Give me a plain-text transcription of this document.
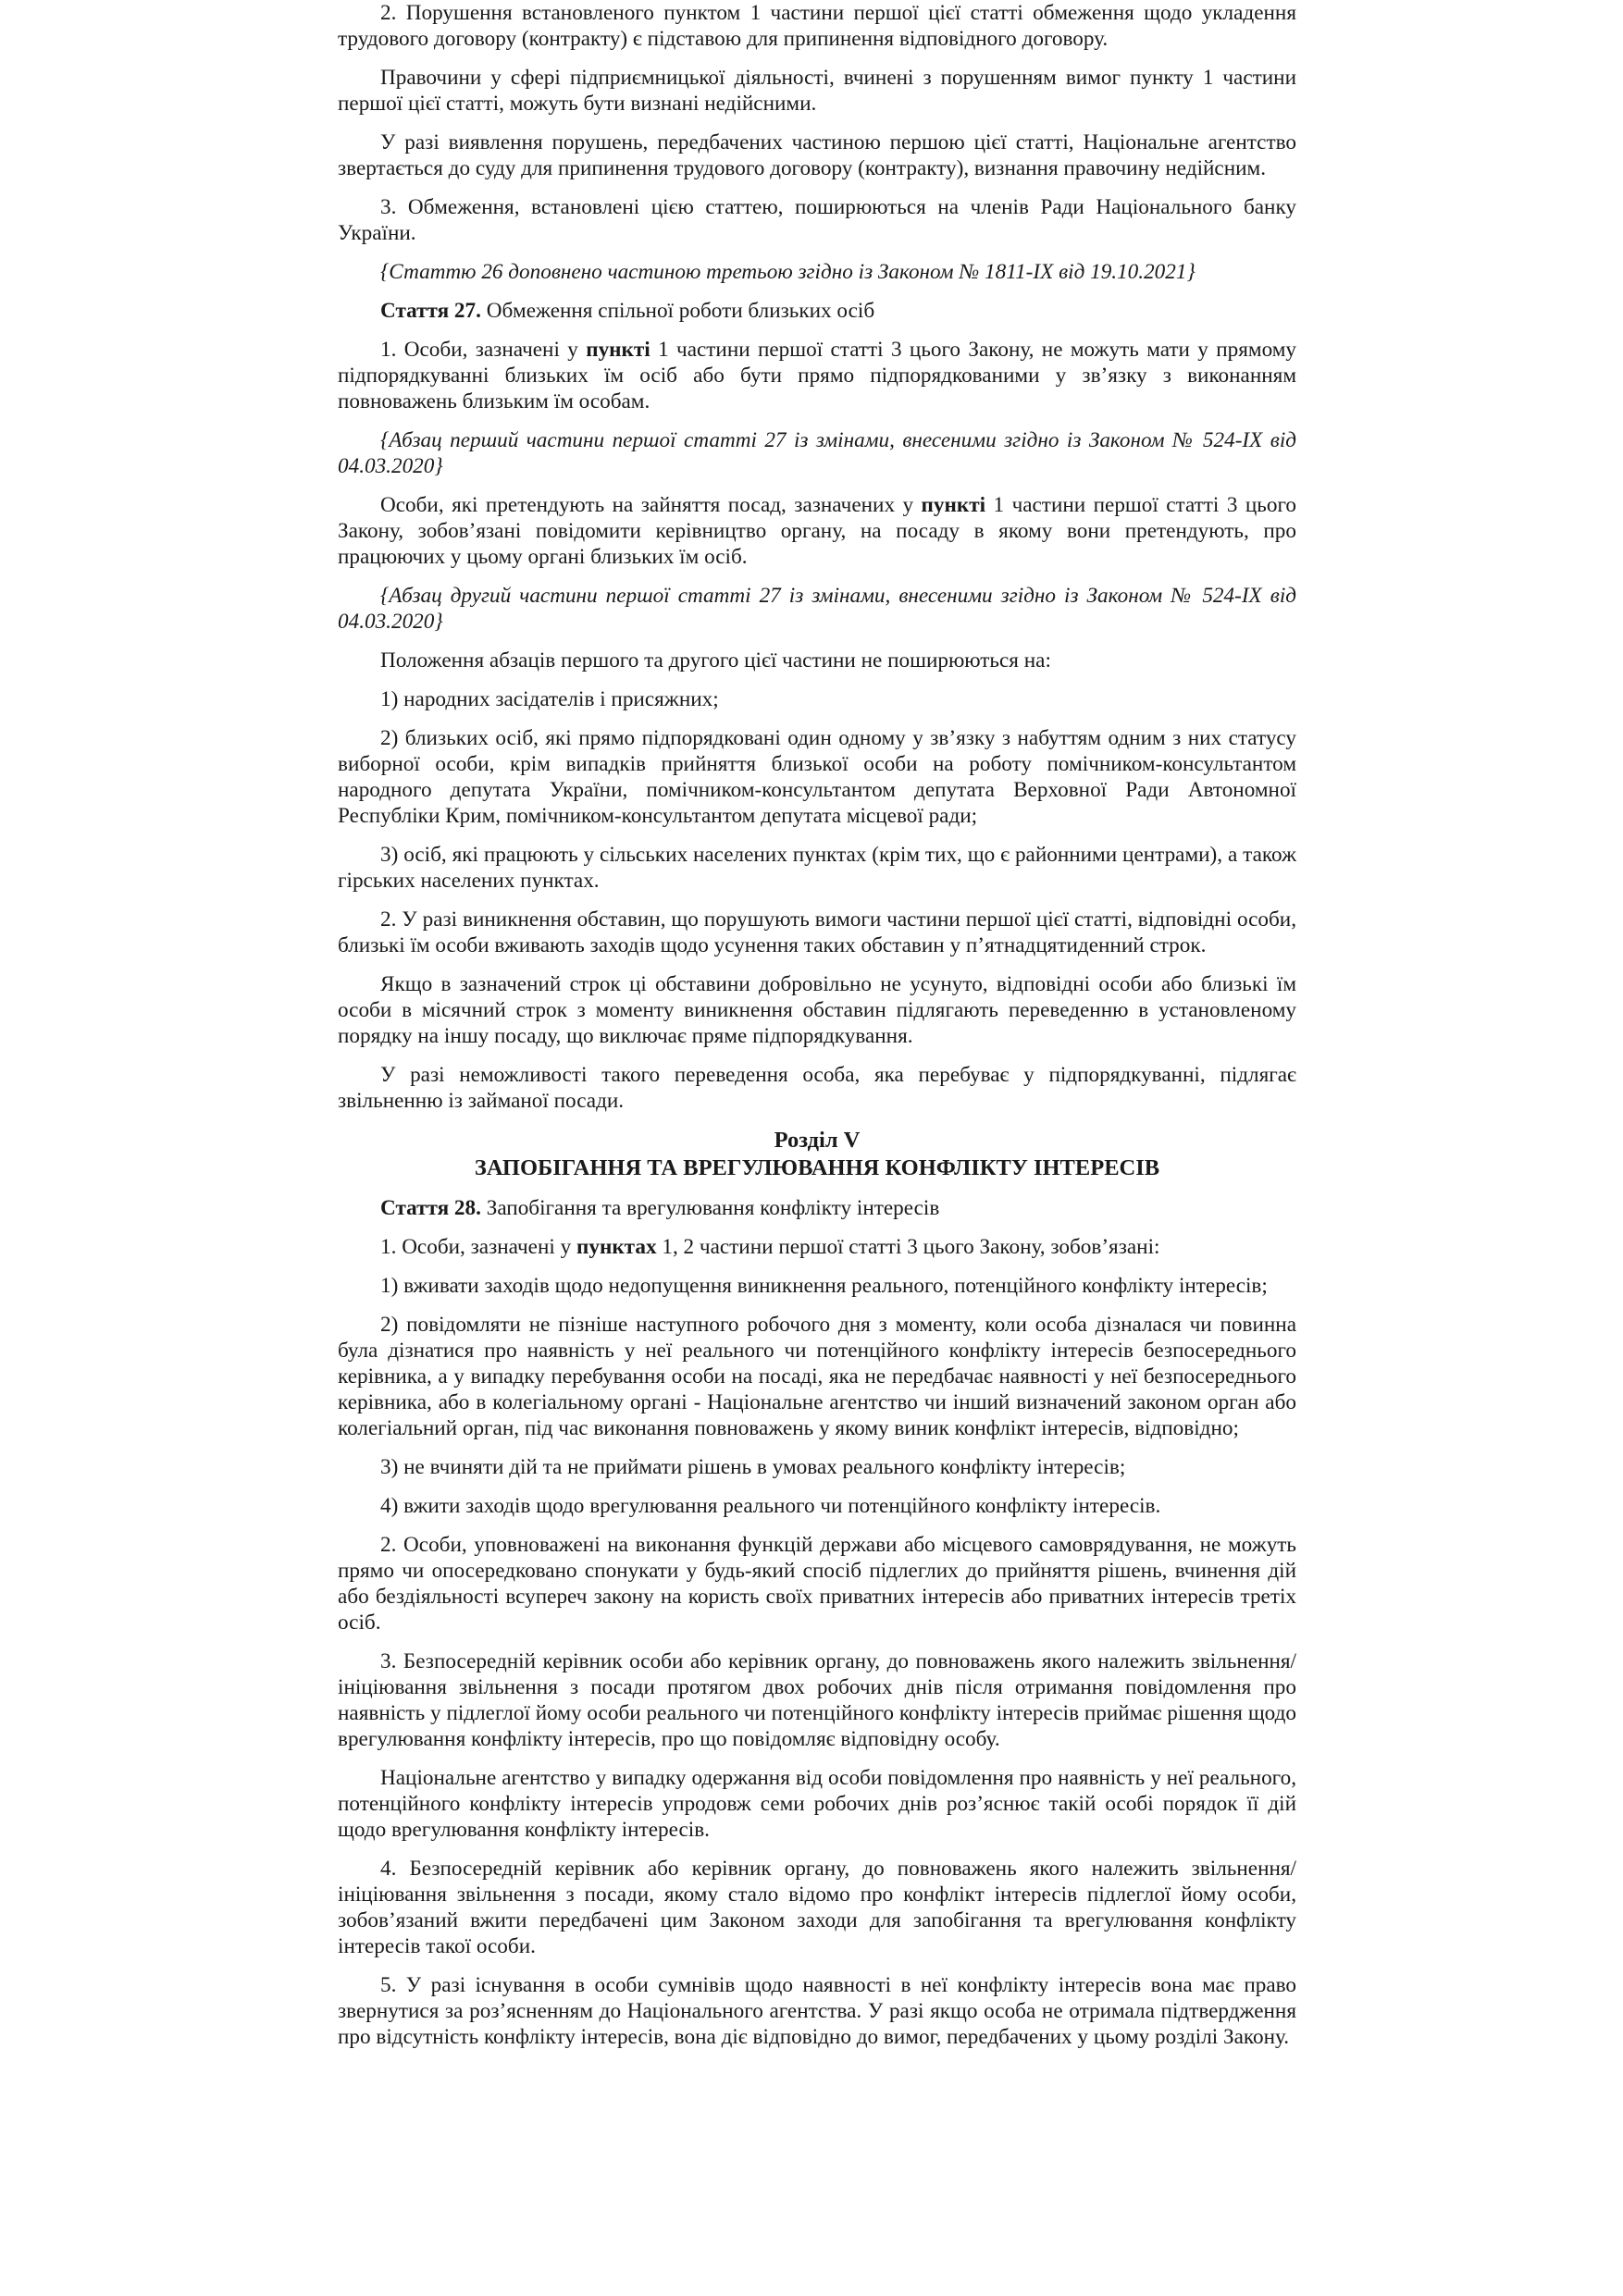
2. Порушення встановленого пунктом 1 частини першої цієї статті обмеження щодо укладення трудового договору (контракту) є підставою для припинення відповідного договору.

Правочини у сфері підприємницької діяльності, вчинені з порушенням вимог пункту 1 частини першої цієї статті, можуть бути визнані недійсними.

У разі виявлення порушень, передбачених частиною першою цієї статті, Національне агентство звертається до суду для припинення трудового договору (контракту), визнання правочину недійсним.

3. Обмеження, встановлені цією статтею, поширюються на членів Ради Національного банку України.

{Статтю 26 доповнено частиною третьою згідно із Законом № 1811-IX від 19.10.2021}

Стаття 27. Обмеження спільної роботи близьких осіб

1. Особи, зазначені у пункті 1 частини першої статті 3 цього Закону, не можуть мати у прямому підпорядкуванні близьких їм осіб або бути прямо підпорядкованими у зв’язку з виконанням повноважень близьким їм особам.

{Абзац перший частини першої статті 27 із змінами, внесеними згідно із Законом № 524-IX від 04.03.2020}

Особи, які претендують на зайняття посад, зазначених у пункті 1 частини першої статті 3 цього Закону, зобов’язані повідомити керівництво органу, на посаду в якому вони претендують, про працюючих у цьому органі близьких їм осіб.

{Абзац другий частини першої статті 27 із змінами, внесеними згідно із Законом № 524-IX від 04.03.2020}

Положення абзаців першого та другого цієї частини не поширюються на:

1) народних засідателів і присяжних;

2) близьких осіб, які прямо підпорядковані один одному у зв’язку з набуттям одним з них статусу виборної особи, крім випадків прийняття близької особи на роботу помічником-консультантом народного депутата України, помічником-консультантом депутата Верховної Ради Автономної Республіки Крим, помічником-консультантом депутата місцевої ради;

3) осіб, які працюють у сільських населених пунктах (крім тих, що є районними центрами), а також гірських населених пунктах.

2. У разі виникнення обставин, що порушують вимоги частини першої цієї статті, відповідні особи, близькі їм особи вживають заходів щодо усунення таких обставин у п’ятнадцятиденний строк.

Якщо в зазначений строк ці обставини добровільно не усунуто, відповідні особи або близькі їм особи в місячний строк з моменту виникнення обставин підлягають переведенню в установленому порядку на іншу посаду, що виключає пряме підпорядкування.

У разі неможливості такого переведення особа, яка перебуває у підпорядкуванні, підлягає звільненню із займаної посади.

Розділ V

ЗАПОБІГАННЯ ТА ВРЕГУЛЮВАННЯ КОНФЛІКТУ ІНТЕРЕСІВ

Стаття 28. Запобігання та врегулювання конфлікту інтересів

1. Особи, зазначені у пунктах 1, 2 частини першої статті 3 цього Закону, зобов’язані:

1) вживати заходів щодо недопущення виникнення реального, потенційного конфлікту інтересів;

2) повідомляти не пізніше наступного робочого дня з моменту, коли особа дізналася чи повинна була дізнатися про наявність у неї реального чи потенційного конфлікту інтересів безпосереднього керівника, а у випадку перебування особи на посаді, яка не передбачає наявності у неї безпосереднього керівника, або в колегіальному органі - Національне агентство чи інший визначений законом орган або колегіальний орган, під час виконання повноважень у якому виник конфлікт інтересів, відповідно;

3) не вчиняти дій та не приймати рішень в умовах реального конфлікту інтересів;

4) вжити заходів щодо врегулювання реального чи потенційного конфлікту інтересів.

2. Особи, уповноважені на виконання функцій держави або місцевого самоврядування, не можуть прямо чи опосередковано спонукати у будь-який спосіб підлеглих до прийняття рішень, вчинення дій або бездіяльності всупереч закону на користь своїх приватних інтересів або приватних інтересів третіх осіб.

3. Безпосередній керівник особи або керівник органу, до повноважень якого належить звільнення/ініціювання звільнення з посади протягом двох робочих днів після отримання повідомлення про наявність у підлеглої йому особи реального чи потенційного конфлікту інтересів приймає рішення щодо врегулювання конфлікту інтересів, про що повідомляє відповідну особу.

Національне агентство у випадку одержання від особи повідомлення про наявність у неї реального, потенційного конфлікту інтересів упродовж семи робочих днів роз’яснює такій особі порядок її дій щодо врегулювання конфлікту інтересів.

4. Безпосередній керівник або керівник органу, до повноважень якого належить звільнення/ ініціювання звільнення з посади, якому стало відомо про конфлікт інтересів підлеглої йому особи, зобов’язаний вжити передбачені цим Законом заходи для запобігання та врегулювання конфлікту інтересів такої особи.

5. У разі існування в особи сумнівів щодо наявності в неї конфлікту інтересів вона має право звернутися за роз’ясненням до Національного агентства. У разі якщо особа не отримала підтвердження про відсутність конфлікту інтересів, вона діє відповідно до вимог, передбачених у цьому розділі Закону.
